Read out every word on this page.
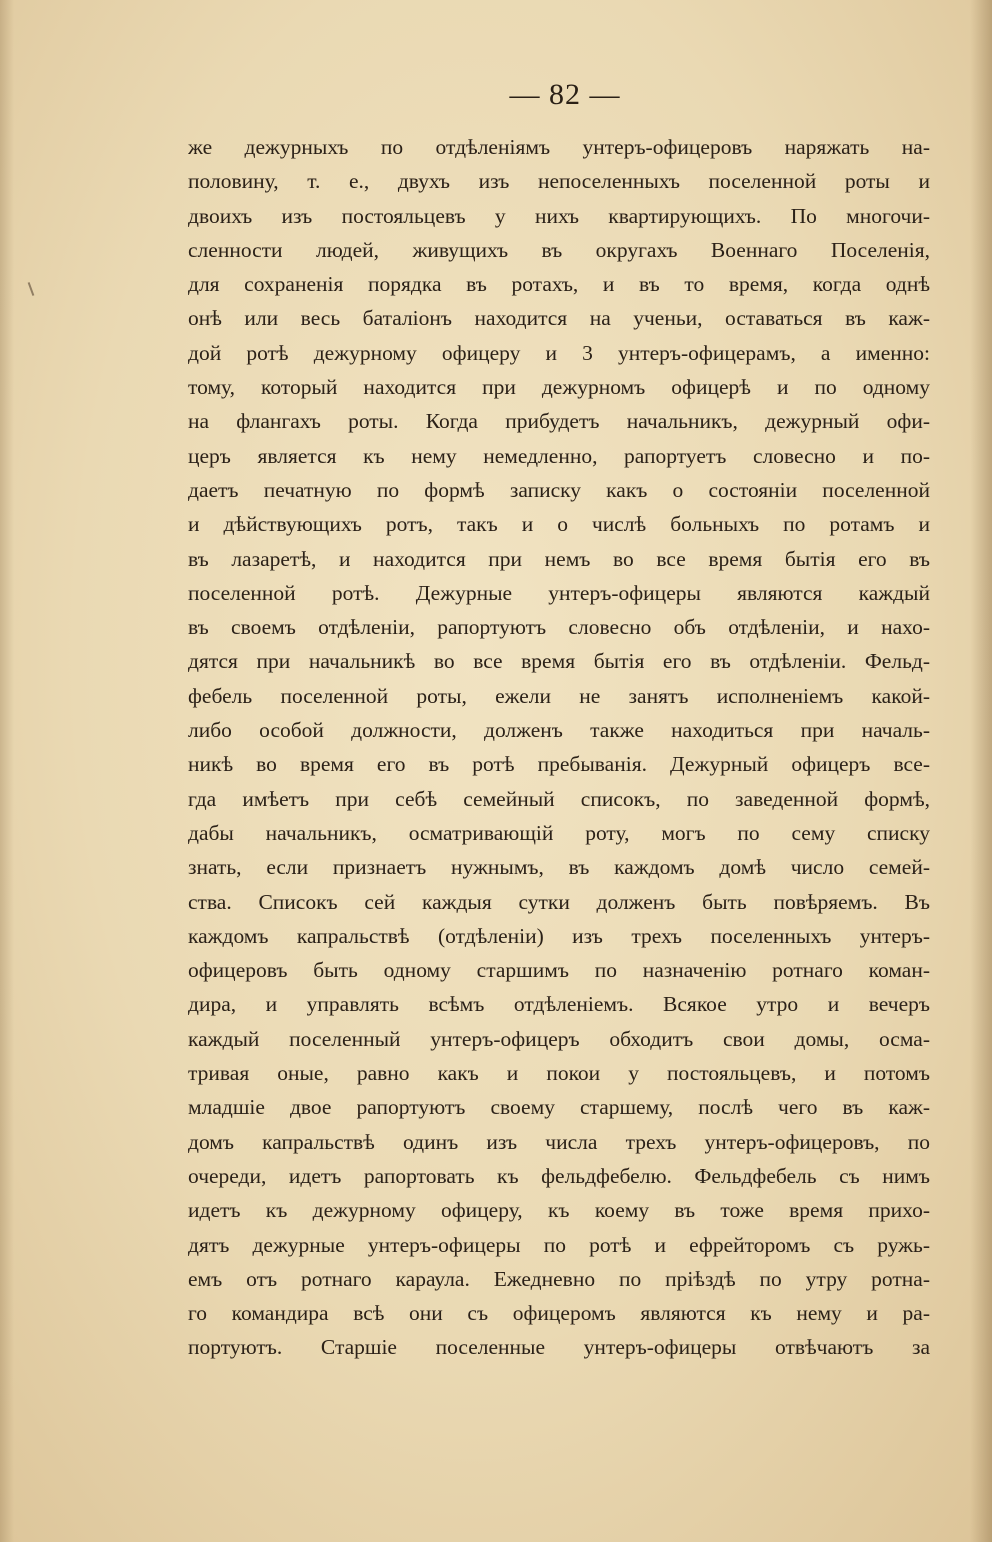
— 82 —
же дежурныхъ по отдѣленіямъ унтеръ-офицеровъ наряжать на-
половину, т. е., двухъ изъ непоселенныхъ поселенной роты и
двоихъ изъ постояльцевъ у нихъ квартирующихъ. По многочи-
сленности людей, живущихъ въ округахъ Военнаго Поселенія,
для сохраненія порядка въ ротахъ, и въ то время, когда однѣ
онѣ или весь баталіонъ находится на ученьи, оставаться въ каж-
дой ротѣ дежурному офицеру и 3 унтеръ-офицерамъ, а именно:
тому, который находится при дежурномъ офицерѣ и по одному
на флангахъ роты. Когда прибудетъ начальникъ, дежурный офи-
церъ является къ нему немедленно, рапортуетъ словесно и по-
даетъ печатную по формѣ записку какъ о состояніи поселенной
и дѣйствующихъ ротъ, такъ и о числѣ больныхъ по ротамъ и
въ лазаретѣ, и находится при немъ во все время бытія его въ
поселенной ротѣ. Дежурные унтеръ-офицеры являются каждый
въ своемъ отдѣленіи, рапортуютъ словесно объ отдѣленіи, и нахо-
дятся при начальникѣ во все время бытія его въ отдѣленіи. Фельд-
фебель поселенной роты, ежели не занятъ исполненіемъ какой-
либо особой должности, долженъ также находиться при началь-
никѣ во время его въ ротѣ пребыванія. Дежурный офицеръ все-
гда имѣетъ при себѣ семейный списокъ, по заведенной формѣ,
дабы начальникъ, осматривающій роту, могъ по сему списку
знать, если признаетъ нужнымъ, въ каждомъ домѣ число семей-
ства. Списокъ сей каждыя сутки долженъ быть повѣряемъ. Въ
каждомъ капральствѣ (отдѣленіи) изъ трехъ поселенныхъ унтеръ-
офицеровъ быть одному старшимъ по назначенію ротнаго коман-
дира, и управлять всѣмъ отдѣленіемъ. Всякое утро и вечеръ
каждый поселенный унтеръ-офицеръ обходитъ свои домы, осма-
тривая оные, равно какъ и покои у постояльцевъ, и потомъ
младшіе двое рапортуютъ своему старшему, послѣ чего въ каж-
домъ капральствѣ одинъ изъ числа трехъ унтеръ-офицеровъ, по
очереди, идетъ рапортовать къ фельдфебелю. Фельдфебель съ нимъ
идетъ къ дежурному офицеру, къ коему въ тоже время прихо-
дятъ дежурные унтеръ-офицеры по ротѣ и ефрейторомъ съ ружь-
емъ отъ ротнаго караула. Ежедневно по пріѣздѣ по утру ротна-
го командира всѣ они съ офицеромъ являются къ нему и ра-
портуютъ. Старшіе поселенные унтеръ-офицеры отвѣчаютъ за
